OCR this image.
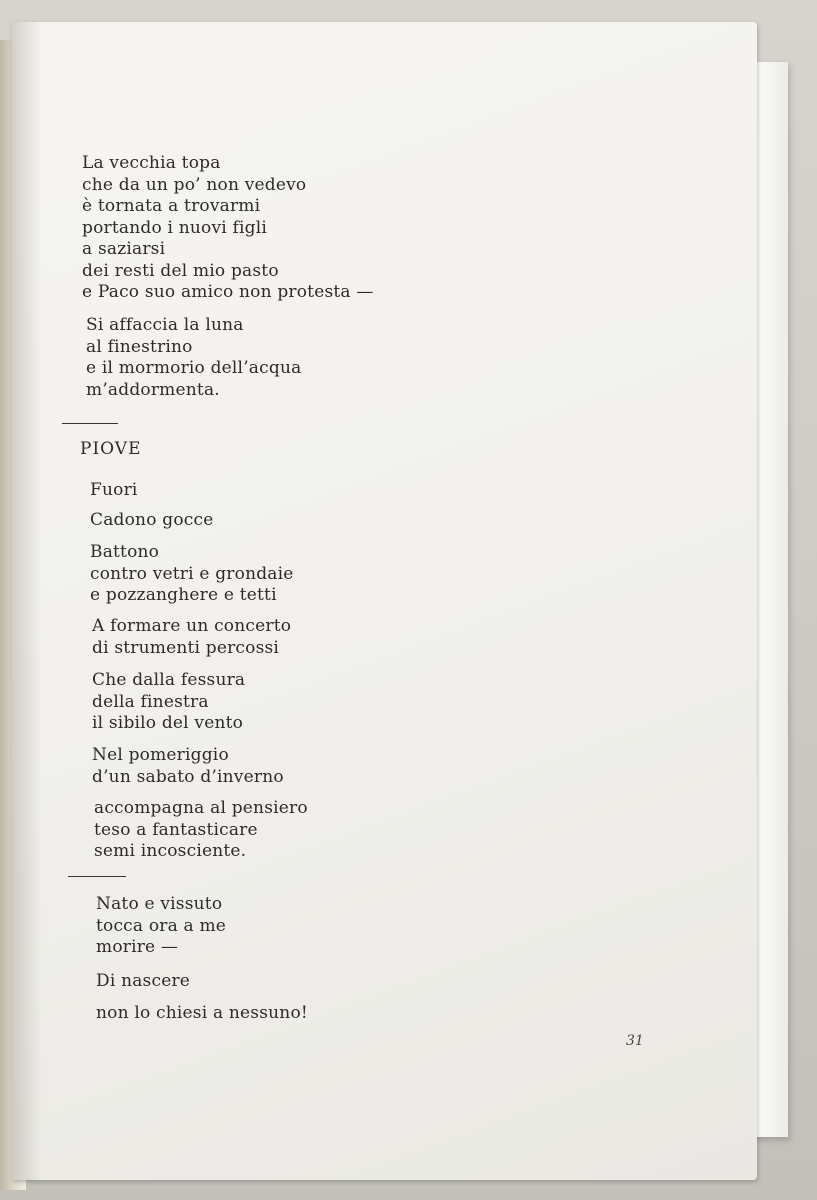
La vecchia topa
che da un po’ non vedevo
è tornata a trovarmi
portando i nuovi figli
a saziarsi
dei resti del mio pasto
e Paco suo amico non protesta —
Si affaccia la luna
al finestrino
e il mormorio dell’acqua
m’addormenta.
PIOVE
Fuori
Cadono gocce
Battono
contro vetri e grondaie
e pozzanghere e tetti
A formare un concerto
di strumenti percossi
Che dalla fessura
della finestra
il sibilo del vento
Nel pomeriggio
d’un sabato d’inverno
accompagna al pensiero
teso a fantasticare
semi incosciente.
Nato e vissuto
tocca ora a me
morire —
Di nascere
non lo chiesi a nessuno!
31
